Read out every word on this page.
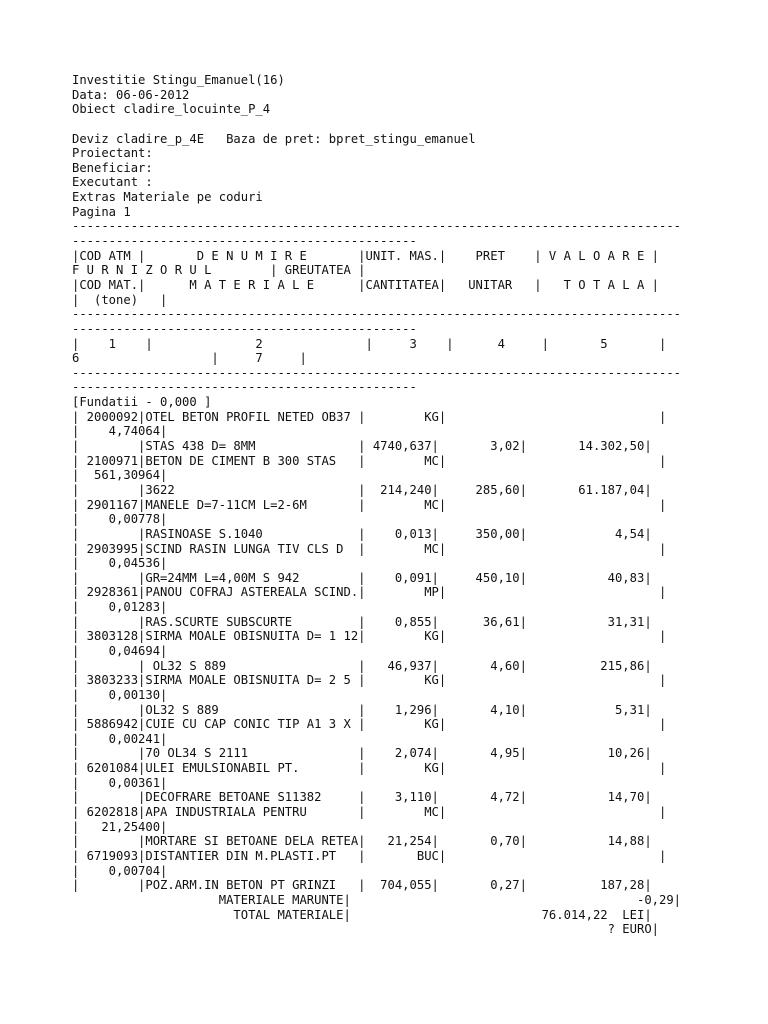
Investitie Stingu_Emanuel(16)
Data: 06-06-2012
Obiect cladire_locuinte_P_4
Deviz cladire_p_4E   Baza de pret: bpret_stingu_emanuel
Proiectant:
Beneficiar:
Executant :
Extras Materiale pe coduri
Pagina 1
-----------------------------------------------------------------------------------
-----------------------------------------------
|COD ATM |       D E N U M I R E       |UNIT. MAS.|    PRET    | V A L O A R E |
F U R N I Z O R U L        | GREUTATEA |
|COD MAT.|      M A T E R I A L E      |CANTITATEA|   UNITAR   |   T O T A L A |
|  (tone)   |
-----------------------------------------------------------------------------------
-----------------------------------------------
|    1    |              2              |     3    |      4     |       5       |
6                  |     7     |
-----------------------------------------------------------------------------------
-----------------------------------------------
[Fundatii - 0,000 ]
| 2000092|OTEL BETON PROFIL NETED OB37 |        KG|                             |
|    4,74064|
|        |STAS 438 D= 8MM              | 4740,637|       3,02|       14.302,50|
| 2100971|BETON DE CIMENT B 300 STAS   |        MC|                             |
|  561,30964|
|        |3622                         |  214,240|     285,60|       61.187,04|
| 2901167|MANELE D=7-11CM L=2-6M       |        MC|                             |
|    0,00778|
|        |RASINOASE S.1040             |    0,013|     350,00|            4,54|
| 2903995|SCIND RASIN LUNGA TIV CLS D  |        MC|                             |
|    0,04536|
|        |GR=24MM L=4,00M S 942        |    0,091|     450,10|           40,83|
| 2928361|PANOU COFRAJ ASTEREALA SCIND.|        MP|                             |
|    0,01283|
|        |RAS.SCURTE SUBSCURTE         |    0,855|      36,61|           31,31|
| 3803128|SIRMA MOALE OBISNUITA D= 1 12|        KG|                             |
|    0,04694|
|        | OL32 S 889                  |   46,937|       4,60|          215,86|
| 3803233|SIRMA MOALE OBISNUITA D= 2 5 |        KG|                             |
|    0,00130|
|        |OL32 S 889                   |    1,296|       4,10|            5,31|
| 5886942|CUIE CU CAP CONIC TIP A1 3 X |        KG|                             |
|    0,00241|
|        |70 OL34 S 2111               |    2,074|       4,95|           10,26|
| 6201084|ULEI EMULSIONABIL PT.        |        KG|                             |
|    0,00361|
|        |DECOFRARE BETOANE S11382     |    3,110|       4,72|           14,70|
| 6202818|APA INDUSTRIALA PENTRU       |        MC|                             |
|   21,25400|
|        |MORTARE SI BETOANE DELA RETEA|   21,254|       0,70|           14,88|
| 6719093|DISTANTIER DIN M.PLASTI.PT   |       BUC|                             |
|    0,00704|
|        |POZ.ARM.IN BETON PT GRINZI   |  704,055|       0,27|          187,28|
MATERIALE MARUNTE|                                       -0,29|
TOTAL MATERIALE|                          76.014,22  LEI|
? EURO|
